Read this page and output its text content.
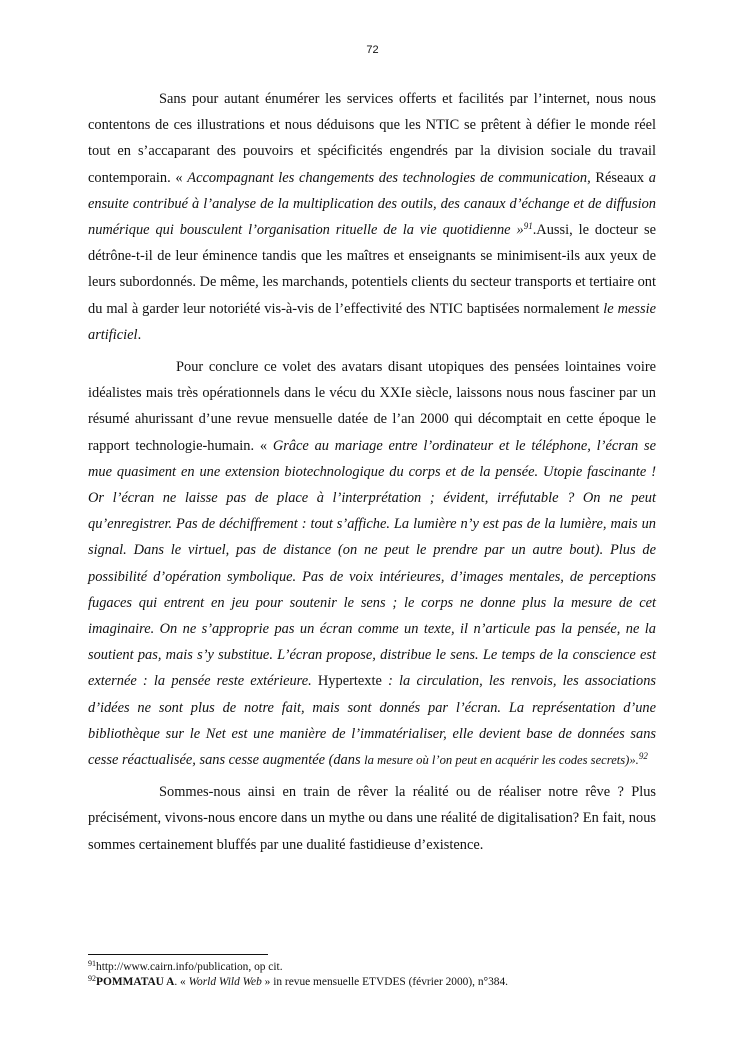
72

Sans pour autant énumérer les services offerts et facilités par l’internet, nous nous contentons de ces illustrations et nous déduisons que les NTIC se prêtent à défier le monde réel tout en s’accaparant des pouvoirs et spécificités engendrés par la division sociale du travail contemporain. « Accompagnant les changements des technologies de communication, Réseaux a ensuite contribué à l’analyse de la multiplication des outils, des canaux d’échange et de diffusion numérique qui bousculent l’organisation rituelle de la vie quotidienne »$^{91}$.Aussi, le docteur se détrône-t-il de leur éminence tandis que les maîtres et enseignants se minimisent-ils aux yeux de leurs subordonnés. De même, les marchands, potentiels clients du secteur transports et tertiaire ont du mal à garder leur notoriété vis-à-vis de l’effectivité des NTIC baptisées normalement le messie artificiel.

Pour conclure ce volet des avatars disant utopiques des pensées lointaines voire idéalistes mais très opérationnels dans le vécu du XXIe siècle, laissons nous nous fasciner par un résumé ahurissant d’une revue mensuelle datée de l’an 2000 qui décomptait en cette époque le rapport technologie-humain. « Grâce au mariage entre l’ordinateur et le téléphone, l’écran se mue quasiment en une extension biotechnologique du corps et de la pensée. Utopie fascinante ! Or l’écran ne laisse pas de place à l’interprétation ; évident, irréfutable ? On ne peut qu’enregistrer. Pas de déchiffrement : tout s’affiche. La lumière n’y est pas de la lumière, mais un signal. Dans le virtuel, pas de distance (on ne peut le prendre par un autre bout). Plus de possibilité d’opération symbolique. Pas de voix intérieures, d’images mentales, de perceptions fugaces qui entrent en jeu pour soutenir le sens ; le corps ne donne plus la mesure de cet imaginaire. On ne s’approprie pas un écran comme un texte, il n’articule pas la pensée, ne la soutient pas, mais s’y substitue. L’écran propose, distribue le sens. Le temps de la conscience est externée : la pensée reste extérieure. Hypertexte : la circulation, les renvois, les associations d’idées ne sont plus de notre fait, mais sont donnés par l’écran. La représentation d’une bibliothèque sur le Net est une manière de l’immatérialiser, elle devient base de données sans cesse réactualisée, sans cesse augmentée (dans la mesure où l’on peut en acquérir les codes secrets)».$^{92}$

Sommes-nous ainsi en train de rêver la réalité ou de réaliser notre rêve ? Plus précisément, vivons-nous encore dans un mythe ou dans une réalité de digitalisation? En fait, nous sommes certainement bluffés par une dualité fastidieuse d’existence.

$^{91}$http://www.cairn.info/publication, op cit.
$^{92}$POMMATAU A. « World Wild Web » in revue mensuelle ETVDES (février 2000), n°384.
